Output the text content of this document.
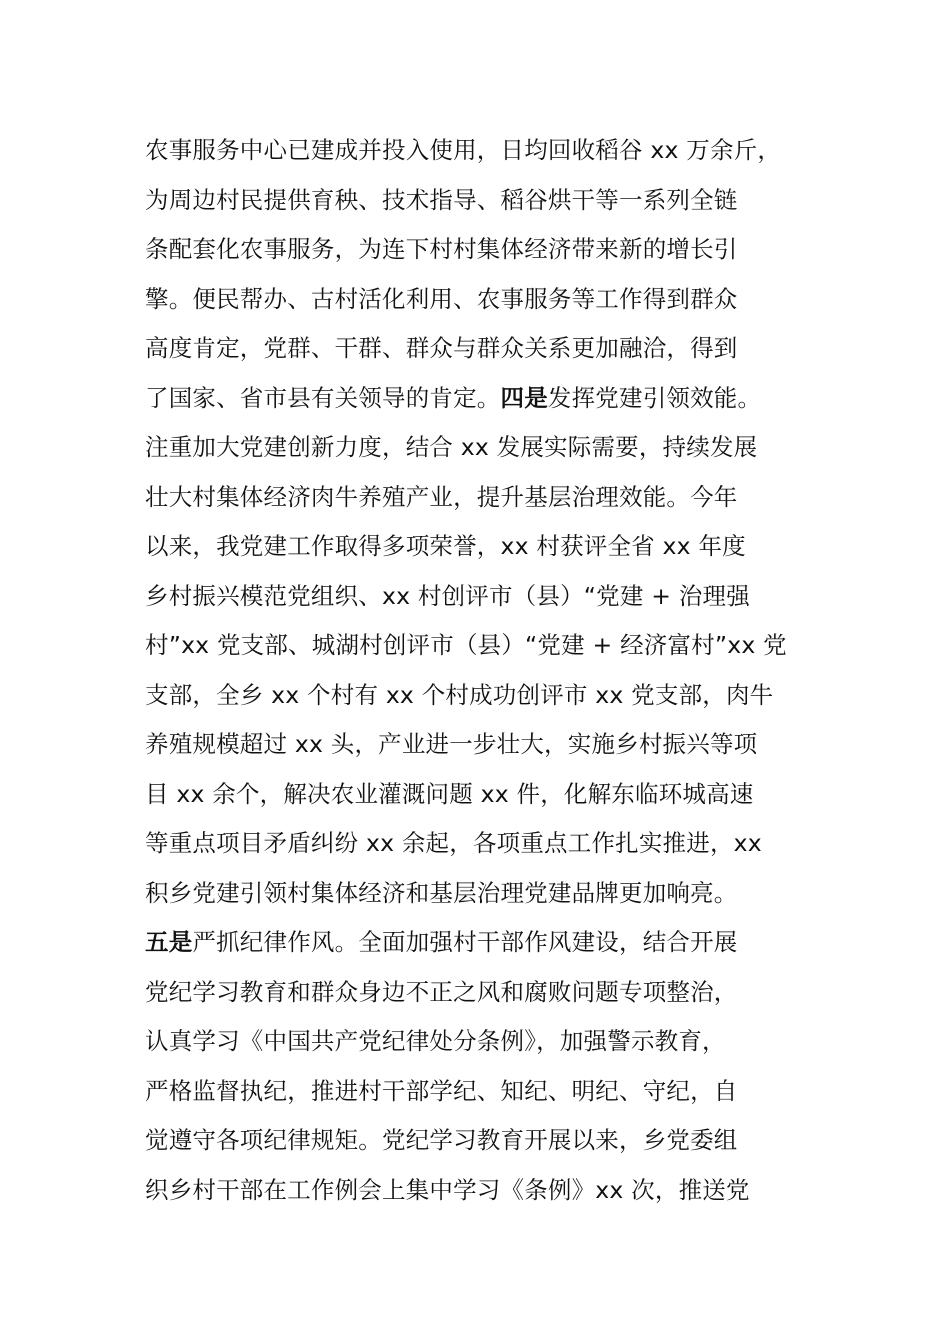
农事服务中心已建成并投入使用，日均回收稻谷 xx 万余斤，
为周边村民提供育秧、技术指导、稻谷烘干等一系列全链
条配套化农事服务，为连下村村集体经济带来新的增长引
擎。便民帮办、古村活化利用、农事服务等工作得到群众
高度肯定，党群、干群、群众与群众关系更加融洽，得到
了国家、省市县有关领导的肯定。四是发挥党建引领效能。
注重加大党建创新力度，结合 xx 发展实际需要，持续发展
壮大村集体经济肉牛养殖产业，提升基层治理效能。今年
以来，我党建工作取得多项荣誉，xx 村获评全省 xx 年度
乡村振兴模范党组织、xx 村创评市（县）“党建 + 治理强
村”xx 党支部、城湖村创评市（县）“党建 + 经济富村”xx 党
支部，全乡 xx 个村有 xx 个村成功创评市 xx 党支部，肉牛
养殖规模超过 xx 头，产业进一步壮大，实施乡村振兴等项
目 xx 余个，解决农业灌溉问题 xx 件，化解东临环城高速
等重点项目矛盾纠纷 xx 余起，各项重点工作扎实推进，xx
积乡党建引领村集体经济和基层治理党建品牌更加响亮。
五是严抓纪律作风。全面加强村干部作风建设，结合开展
党纪学习教育和群众身边不正之风和腐败问题专项整治，
认真学习《中国共产党纪律处分条例》，加强警示教育，
严格监督执纪，推进村干部学纪、知纪、明纪、守纪，自
觉遵守各项纪律规矩。党纪学习教育开展以来，乡党委组
织乡村干部在工作例会上集中学习《条例》xx 次，推送党
